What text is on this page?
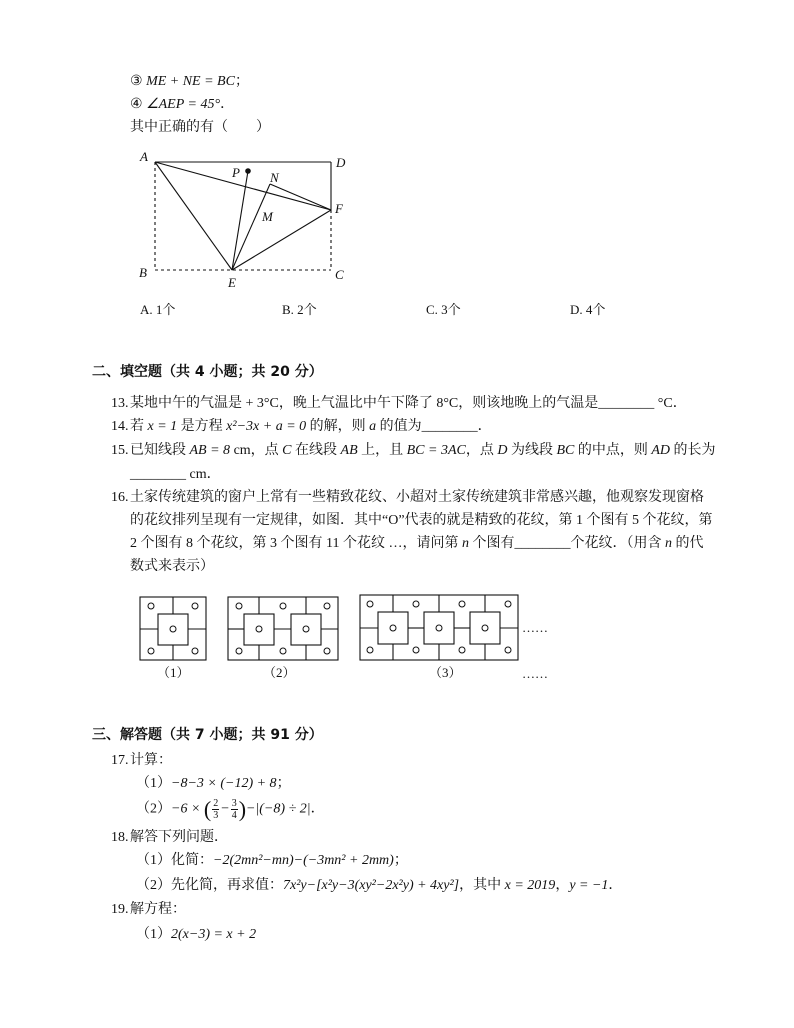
③ ME + NE = BC；
④ ∠AEP = 45°．
其中正确的有（　　）
A	D
P N
M
F
B
E
C
A. 1个	B. 2个	C. 3个	D. 4个
二、填空题（共 4 小题；共 20 分）
13. 某地中午的气温是 + 3°C，晚上气温比中午下降了 8°C，则该地晚上的气温是________ °C．
14. 若 x = 1 是方程 x²−3x + a = 0 的解，则 a 的值为________．
15. 已知线段 AB = 8 cm，点 C 在线段 AB 上，且 BC = 3AC，点 D 为线段 BC 的中点，则 AD 的长为
________ cm．
16. 土家传统建筑的窗户上常有一些精致花纹、小超对土家传统建筑非常感兴趣，他观察发现窗格
的花纹排列呈现有一定规律，如图．其中“O”代表的就是精致的花纹，第 1 个图有 5 个花纹，第
2 个图有 8 个花纹，第 3 个图有 11 个花纹 …，请问第 n 个图有________个花纹．（用含 n 的代
数式来表示）
……
（1）	（2）	（3）	……
三、解答题（共 7 小题；共 91 分）
17. 计算：
（1）−8−3 × (−12) + 8；
（2）−6 × ( $\frac{2}{3} - \frac{3}{4} )-|(-8) \div 2|$．
18. 解答下列问题．
（1）化简：−2(2mn²−mn)−(−3mn² + 2mm)；
（2）先化简，再求值：7x²y−[x²y−3(xy²−2x²y) + 4xy²]，其中 x = 2019，y = −1．
19. 解方程：
（1）2(x−3) = x + 2
